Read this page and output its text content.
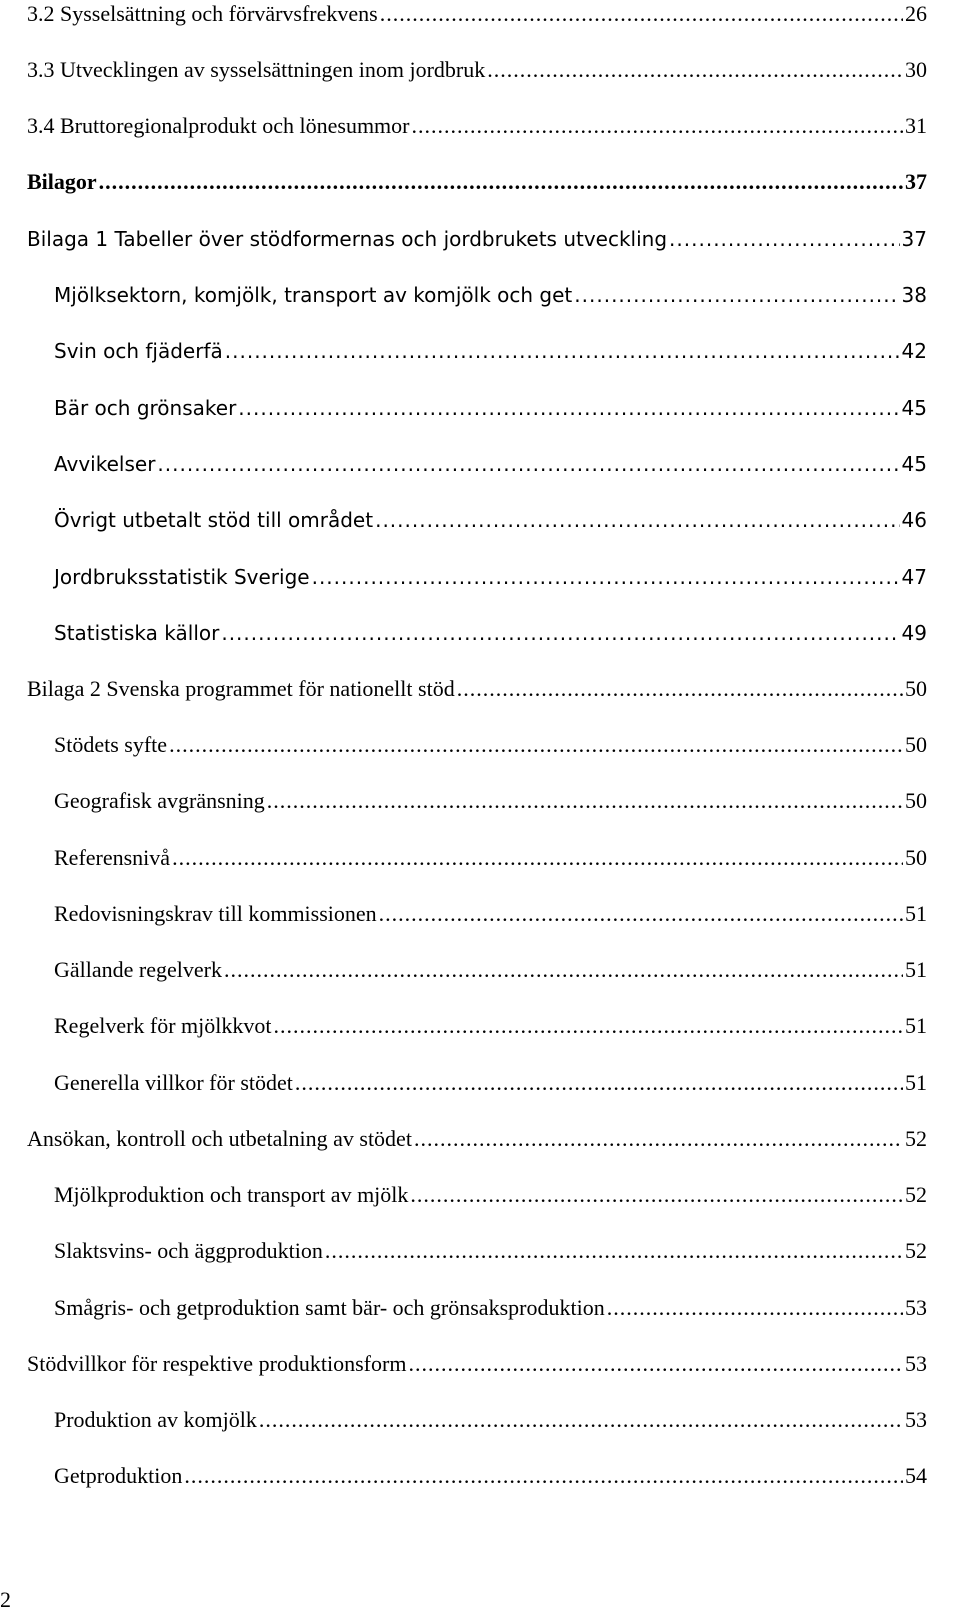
3.2 Sysselsättning och förvärvsfrekvens .....	26
3.3 Utvecklingen av sysselsättningen inom jordbruk .....	30
3.4 Bruttoregionalprodukt och lönesummor .....	31
Bilagor .....	37
Bilaga 1 Tabeller över stödformernas och jordbrukets utveckling .....	37
Mjölksektorn, komjölk, transport av komjölk och get .....	38
Svin och fjäderfä .....	42
Bär och grönsaker .....	45
Avvikelser .....	45
Övrigt utbetalt stöd till området .....	46
Jordbruksstatistik Sverige .....	47
Statistiska källor .....	49
Bilaga 2 Svenska programmet för nationellt stöd .....	50
Stödets syfte .....	50
Geografisk avgränsning .....	50
Referensnivå .....	50
Redovisningskrav till kommissionen .....	51
Gällande regelverk .....	51
Regelverk för mjölkkvot .....	51
Generella villkor för stödet .....	51
Ansökan, kontroll och utbetalning av stödet .....	52
Mjölkproduktion och transport av mjölk .....	52
Slaktsvins- och äggproduktion .....	52
Smågris- och getproduktion samt bär- och grönsaksproduktion .....	53
Stödvillkor för respektive produktionsform .....	53
Produktion av komjölk .....	53
Getproduktion .....	54
2
